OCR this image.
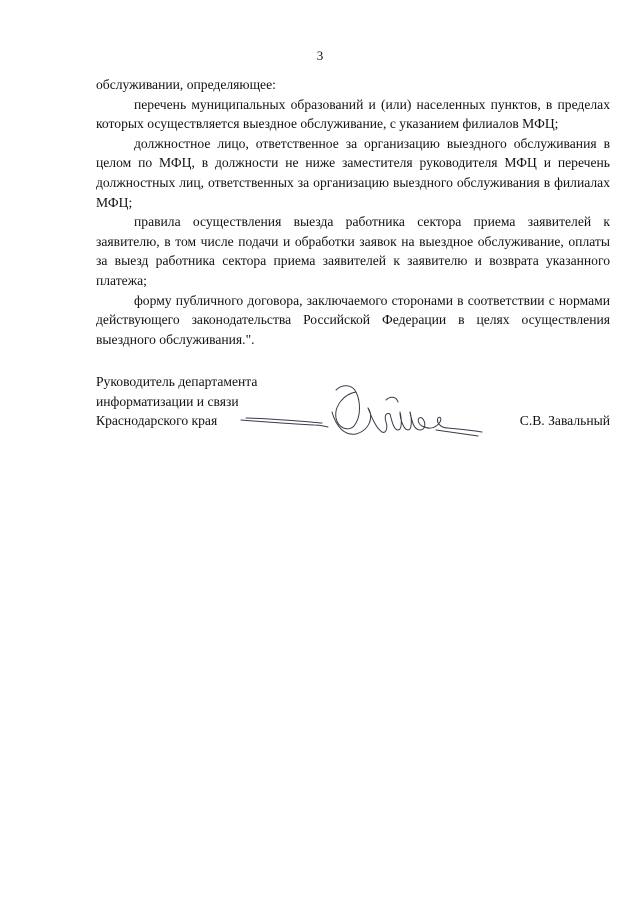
3

обслуживании, определяющее:

перечень муниципальных образований и (или) населенных пунктов, в пределах которых осуществляется выездное обслуживание, с указанием филиалов МФЦ;

должностное лицо, ответственное за организацию выездного обслуживания в целом по МФЦ, в должности не ниже заместителя руководителя МФЦ и перечень должностных лиц, ответственных за организацию выездного обслуживания в филиалах МФЦ;

правила осуществления выезда работника сектора приема заявителей к заявителю, в том числе подачи и обработки заявок на выездное обслуживание, оплаты за выезд работника сектора приема заявителей к заявителю и возврата указанного платежа;

форму публичного договора, заключаемого сторонами в соответствии с нормами действующего законодательства Российской Федерации в целях осуществления выездного обслуживания.".

Руководитель департамента
информатизации и связи
Краснодарского края	С.В. Завальный
